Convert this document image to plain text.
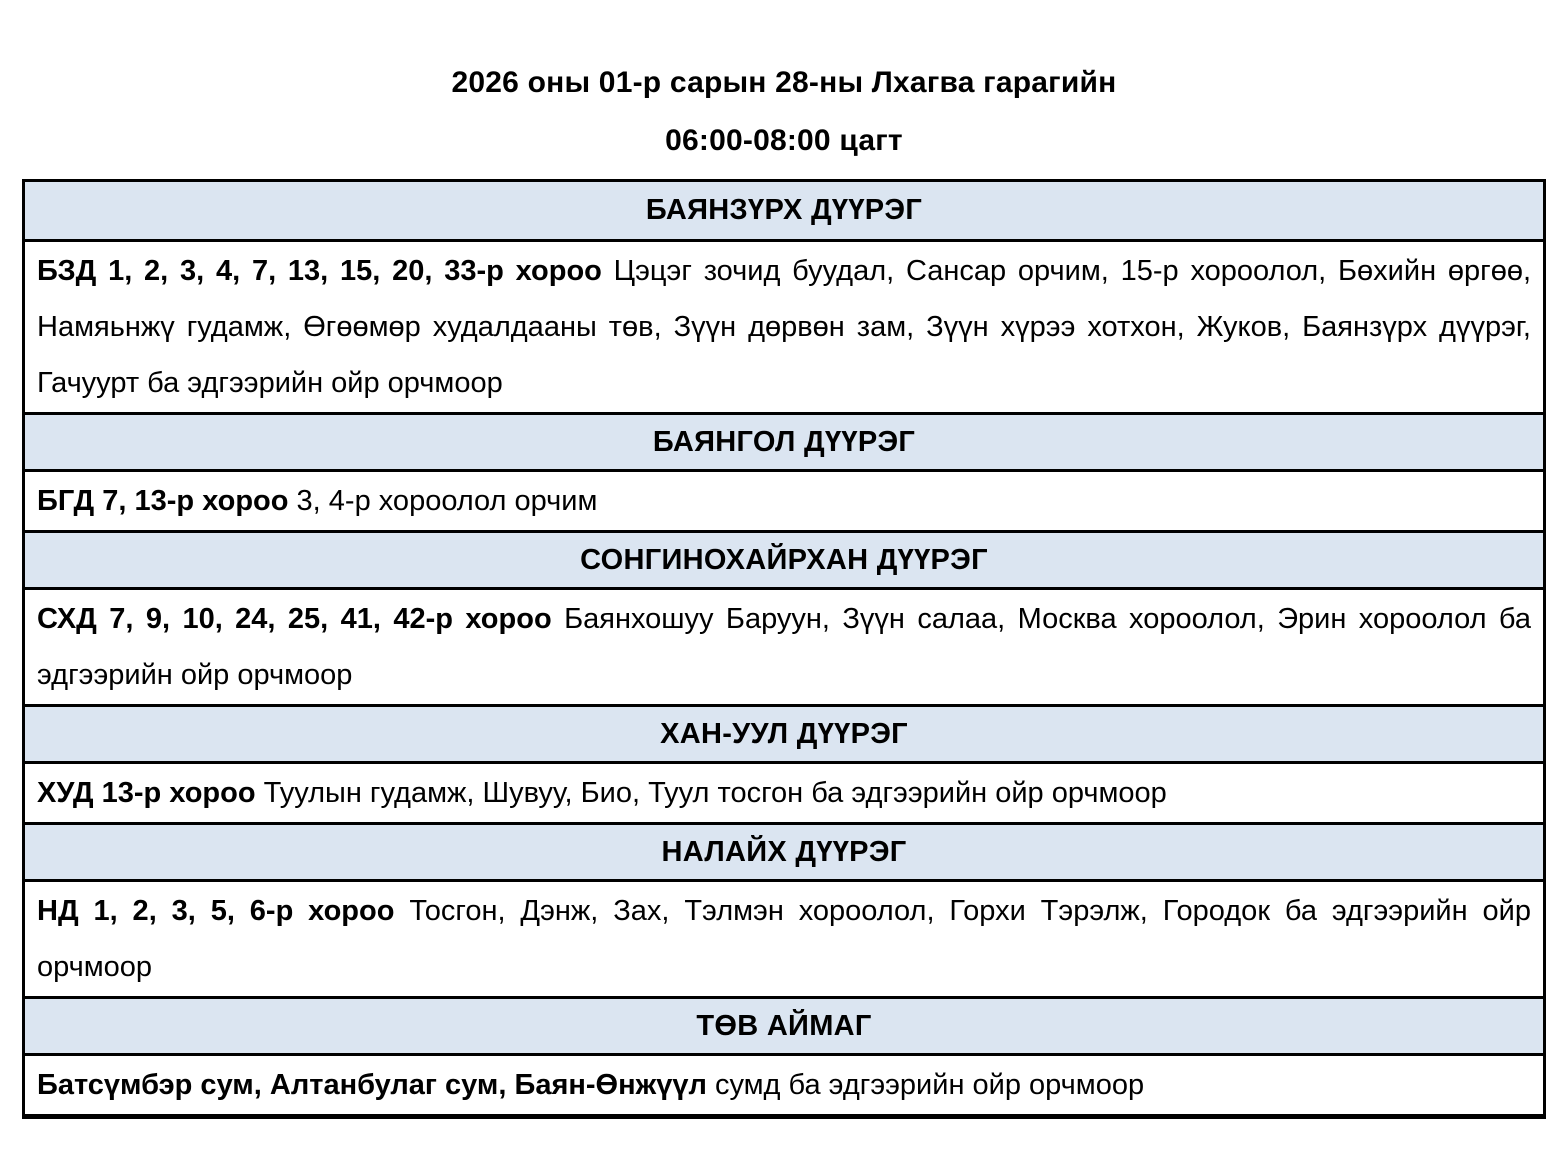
2026 оны 01-р сарын 28-ны Лхагва гарагийн
06:00-08:00 цагт
БАЯНЗҮРХ ДҮҮРЭГ

БЗД 1, 2, 3, 4, 7, 13, 15, 20, 33-р хороо Цэцэг зочид буудал, Сансар орчим, 15-р хороолол, Бөхийн өргөө, Намяьнжү гудамж, Өгөөмөр худалдааны төв, Зүүн дөрвөн зам, Зүүн хүрээ хотхон, Жуков, Баянзүрх дүүрэг, Гачуурт ба эдгээрийн ойр орчмоор

БАЯНГОЛ ДҮҮРЭГ

БГД 7, 13-р хороо 3, 4-р хороолол орчим

СОНГИНОХАЙРХАН ДҮҮРЭГ

СХД 7, 9, 10, 24, 25, 41, 42-р хороо Баянхошуу Баруун, Зүүн салаа, Москва хороолол, Эрин хороолол ба эдгээрийн ойр орчмоор

ХАН-УУЛ ДҮҮРЭГ

ХУД 13-р хороо Туулын гудамж, Шувуу, Био, Туул тосгон ба эдгээрийн ойр орчмоор

НАЛАЙХ ДҮҮРЭГ

НД 1, 2, 3, 5, 6-р хороо Тосгон, Дэнж, Зах, Тэлмэн хороолол, Горхи Тэрэлж, Городок ба эдгээрийн ойр орчмоор

ТӨВ АЙМАГ

Батсүмбэр сум, Алтанбулаг сум, Баян-Өнжүүл сумд ба эдгээрийн ойр орчмоор
